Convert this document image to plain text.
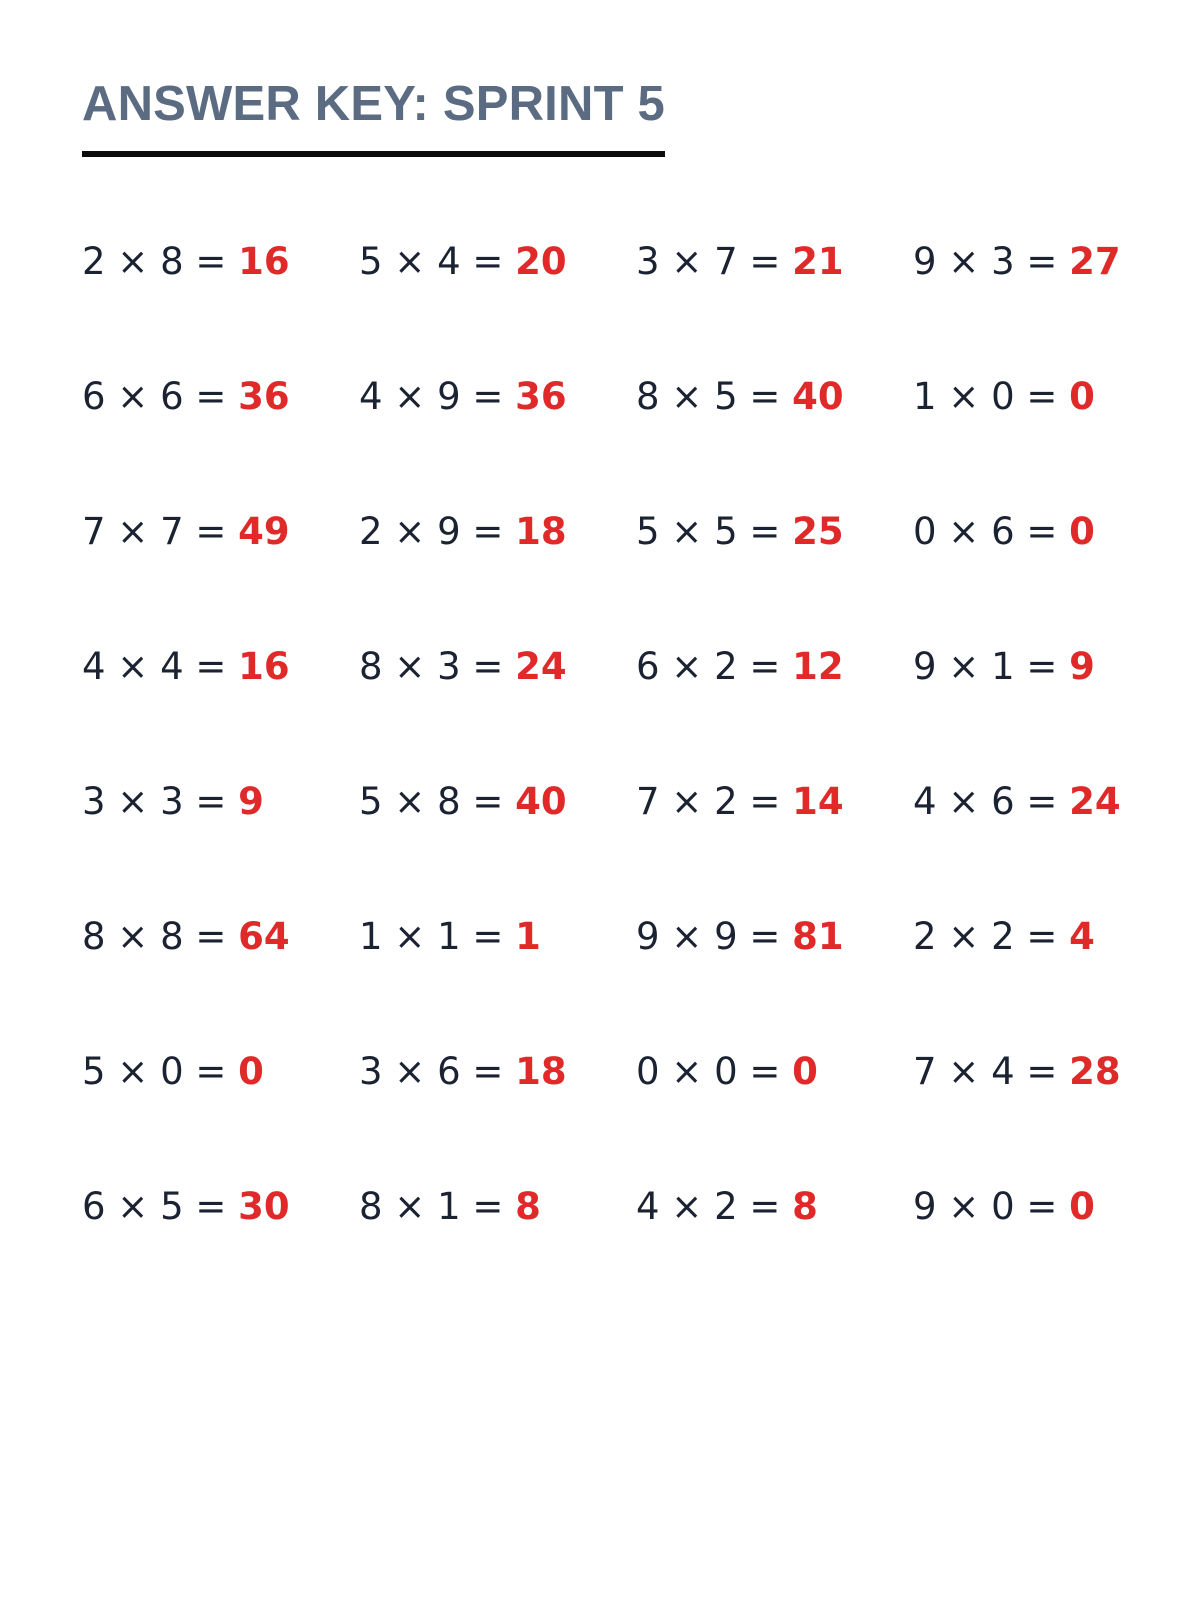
ANSWER KEY: SPRINT 5
2 × 8 = 16	5 × 4 = 20	3 × 7 = 21	9 × 3 = 27
6 × 6 = 36	4 × 9 = 36	8 × 5 = 40	1 × 0 = 0
7 × 7 = 49	2 × 9 = 18	5 × 5 = 25	0 × 6 = 0
4 × 4 = 16	8 × 3 = 24	6 × 2 = 12	9 × 1 = 9
3 × 3 = 9	5 × 8 = 40	7 × 2 = 14	4 × 6 = 24
8 × 8 = 64	1 × 1 = 1	9 × 9 = 81	2 × 2 = 4
5 × 0 = 0	3 × 6 = 18	0 × 0 = 0	7 × 4 = 28
6 × 5 = 30	8 × 1 = 8	4 × 2 = 8	9 × 0 = 0
